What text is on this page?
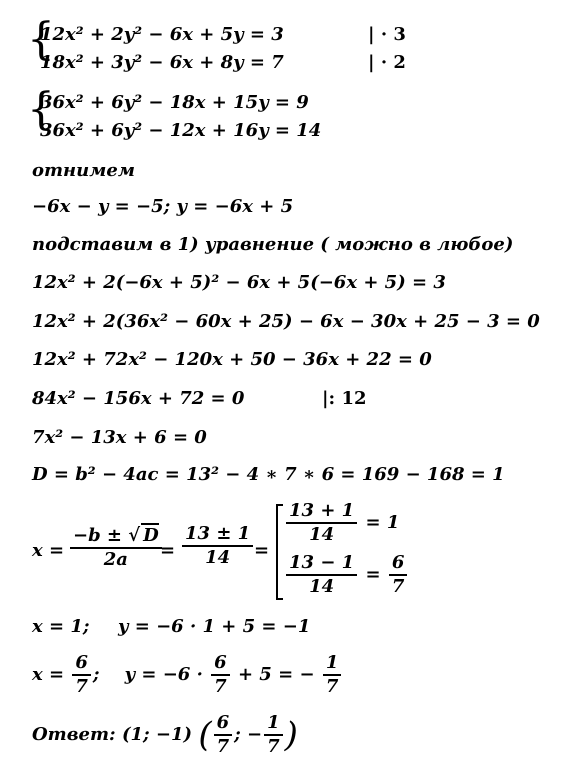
{
12x² + 2y² − 6x + 5y = 3
18x² + 3y² − 6x + 8y = 7
| · 3
| · 2
{
36x² + 6y² − 18x + 15y = 9
36x² + 6y² − 12x + 16y = 14
отнимем
−6x − y = −5; y = −6x + 5
подставим в 1) уравнение ( можно в любое)
12x² + 2(−6x + 5)² − 6x + 5(−6x + 5) = 3
12x² + 2(36x² − 60x + 25) − 6x − 30x + 25 − 3 = 0
12x² + 72x² − 120x + 50 − 36x + 22 = 0
84x² − 156x + 72 = 0	|: 12
7x² − 13x + 6 = 0
D = b² − 4ac = 13² − 4 ∗ 7 ∗ 6 = 169 − 168 = 1
$x = \frac{-b \pm √ D}{2a}$
= $\frac{13 \pm 1}{14}$ =
$\frac{13 + 1}{14} = 1$
$\frac{13 - 1}{14} = \frac{6}{7}$
x = 1; y = −6 · 1 + 5 = −1
$x = \frac{6}{7}$ ; $y = -6 \cdot \frac{6}{7} + 5$ = − $\frac{1}{7}$
Ответ: (1; −1) ( $\frac{6}{7}$ ; − $\frac{1}{7}$ )
